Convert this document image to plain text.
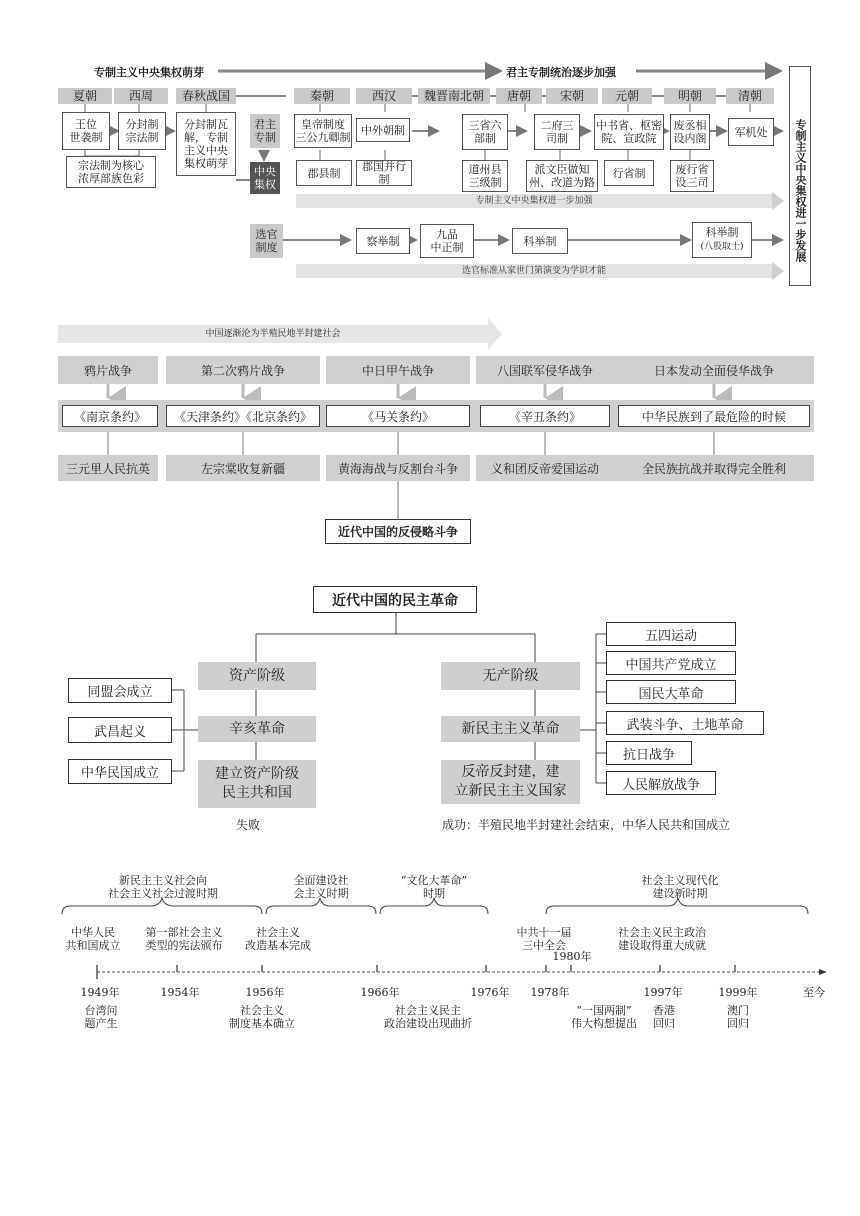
专制主义中央集权萌芽	君主专制统治逐步加强
专制主义中央集权进一步发展
夏朝	西周	春秋战国	秦朝	西汉	魏晋南北朝	唐朝	宋朝	元朝	明朝	清朝
王位
世袭制
分封制
宗法制
宗法制为核心
浓厚部族色彩
分封制瓦
解，专制
主义中央
集权萌芽
君主
专制
中央
集权
皇帝制度
三公九卿制
中外朝制	三省六
部制
二府三
司制
中书省、枢密
院、宣政院
废丞相
设内阁	军机处
郡县制	郡国并行制
道州县
三级制
派文臣做知
州、改道为路
行省制	废行省
设三司
专制主义中央集权进一步加强
选官
制度	察举制	九品
中正制	科举制
科举制
(八股取士)
选官标准从家世门第演变为学识才能
中国逐渐沦为半殖民地半封建社会
鸦片战争	第二次鸦片战争	中日甲午战争	八国联军侵华战争	日本发动全面侵华战争
《南京条约》	《天津条约》《北京条约》	《马关条约》	《辛丑条约》	中华民族到了最危险的时候
三元里人民抗英	左宗棠收复新疆	黄海海战与反割台斗争	义和团反帝爱国运动	全民族抗战并取得完全胜利
近代中国的反侵略斗争
近代中国的民主革命
资产阶级
辛亥革命
建立资产阶级
民主共和国
同盟会成立
武昌起义
中华民国成立
失败
无产阶级
新民主主义革命
反帝反封建，建
立新民主主义国家
五四运动
中国共产党成立
国民大革命
武装斗争、土地革命
抗日战争
人民解放战争
成功：半殖民地半封建社会结束，中华人民共和国成立
新民主主义社会向
社会主义社会过渡时期
全面建设社
会主义时期
“文化大革命”
时期
社会主义现代化
建设新时期
中华人民
共和国成立
第一部社会主义
类型的宪法颁布
社会主义
改造基本完成
中共十一届
三中全会
1980年
社会主义民主政治
建设取得重大成就
1949年	1954年	1956年	1966年	1976年 1978年	1997年	1999年	至今
台湾问
题产生
社会主义
制度基本确立
社会主义民主
政治建设出现曲折
“一国两制”
伟大构想提出
香港
回归
澳门
回归
